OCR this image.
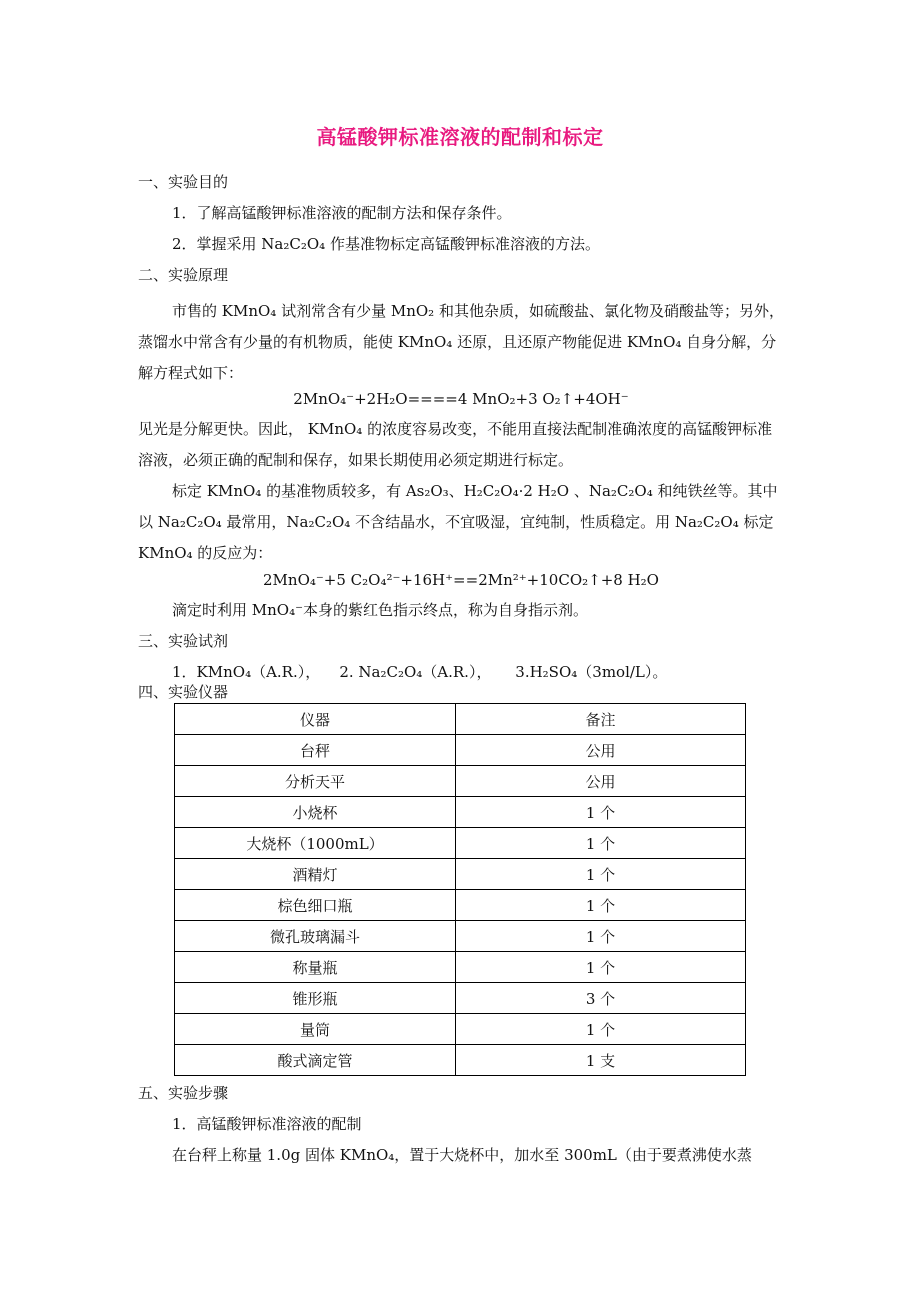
高锰酸钾标准溶液的配制和标定
一、实验目的
1．了解高锰酸钾标准溶液的配制方法和保存条件。
2．掌握采用 Na₂C₂O₄ 作基准物标定高锰酸钾标准溶液的方法。
二、实验原理
市售的 KMnO₄ 试剂常含有少量 MnO₂ 和其他杂质，如硫酸盐、氯化物及硝酸盐等；另外，蒸馏水中常含有少量的有机物质，能使 KMnO₄ 还原，且还原产物能促进 KMnO₄ 自身分解，分解方程式如下：
2MnO₄⁻+2H₂O====4 MnO₂+3 O₂↑+4OH⁻
见光是分解更快。因此， KMnO₄ 的浓度容易改变，不能用直接法配制准确浓度的高锰酸钾标准溶液，必须正确的配制和保存，如果长期使用必须定期进行标定。
标定 KMnO₄ 的基准物质较多，有 As₂O₃、H₂C₂O₄·2 H₂O 、Na₂C₂O₄ 和纯铁丝等。其中以 Na₂C₂O₄ 最常用，Na₂C₂O₄ 不含结晶水，不宜吸湿，宜纯制，性质稳定。用 Na₂C₂O₄ 标定 KMnO₄ 的反应为：
2MnO₄⁻+5 C₂O₄²⁻+16H⁺==2Mn²⁺+10CO₂↑+8 H₂O
滴定时利用 MnO₄⁻本身的紫红色指示终点，称为自身指示剂。
三、实验试剂
1．KMnO₄（A.R.），    2. Na₂C₂O₄（A.R.），     3.H₂SO₄（3mol/L）。
四、实验仪器
仪器	备注
台秤	公用
分析天平	公用
小烧杯	1 个
大烧杯（1000mL）	1 个
酒精灯	1 个
棕色细口瓶	1 个
微孔玻璃漏斗	1 个
称量瓶	1 个
锥形瓶	3 个
量筒	1 个
酸式滴定管	1 支
五、实验步骤
1．高锰酸钾标准溶液的配制
在台秤上称量 1.0g 固体 KMnO₄，置于大烧杯中，加水至 300mL（由于要煮沸使水蒸
